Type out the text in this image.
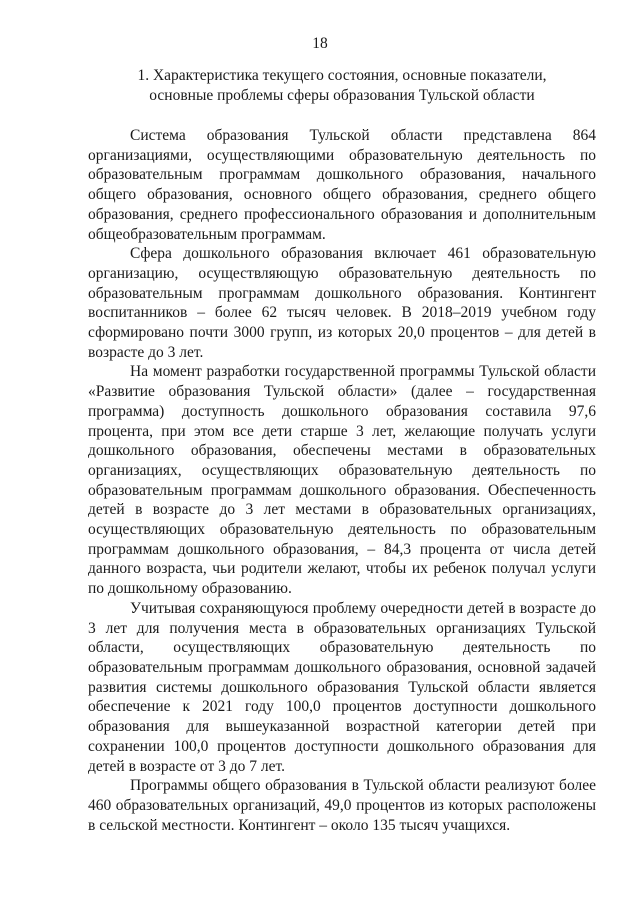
18
1. Характеристика текущего состояния, основные показатели,
основные проблемы сферы образования Тульской области

Система образования Тульской области представлена 864 организациями, осуществляющими образовательную деятельность по образовательным программам дошкольного образования, начального общего образования, основного общего образования, среднего общего образования, среднего профессионального образования и дополнительным общеобразовательным программам.

Сфера дошкольного образования включает 461 образовательную организацию, осуществляющую образовательную деятельность по образовательным программам дошкольного образования. Контингент воспитанников – более 62 тысяч человек. В 2018–2019 учебном году сформировано почти 3000 групп, из которых 20,0 процентов – для детей в возрасте до 3 лет.

На момент разработки государственной программы Тульской области «Развитие образования Тульской области» (далее – государственная программа) доступность дошкольного образования составила 97,6 процента, при этом все дети старше 3 лет, желающие получать услуги дошкольного образования, обеспечены местами в образовательных организациях, осуществляющих образовательную деятельность по образовательным программам дошкольного образования. Обеспеченность детей в возрасте до 3 лет местами в образовательных организациях, осуществляющих образовательную деятельность по образовательным программам дошкольного образования, – 84,3 процента от числа детей данного возраста, чьи родители желают, чтобы их ребенок получал услуги по дошкольному образованию.

Учитывая сохраняющуюся проблему очередности детей в возрасте до 3 лет для получения места в образовательных организациях Тульской области, осуществляющих образовательную деятельность по образовательным программам дошкольного образования, основной задачей развития системы дошкольного образования Тульской области является обеспечение к 2021 году 100,0 процентов доступности дошкольного образования для вышеуказанной возрастной категории детей при сохранении 100,0 процентов доступности дошкольного образования для детей в возрасте от 3 до 7 лет.

Программы общего образования в Тульской области реализуют более 460 образовательных организаций, 49,0 процентов из которых расположены в сельской местности. Контингент – около 135 тысяч учащихся.
